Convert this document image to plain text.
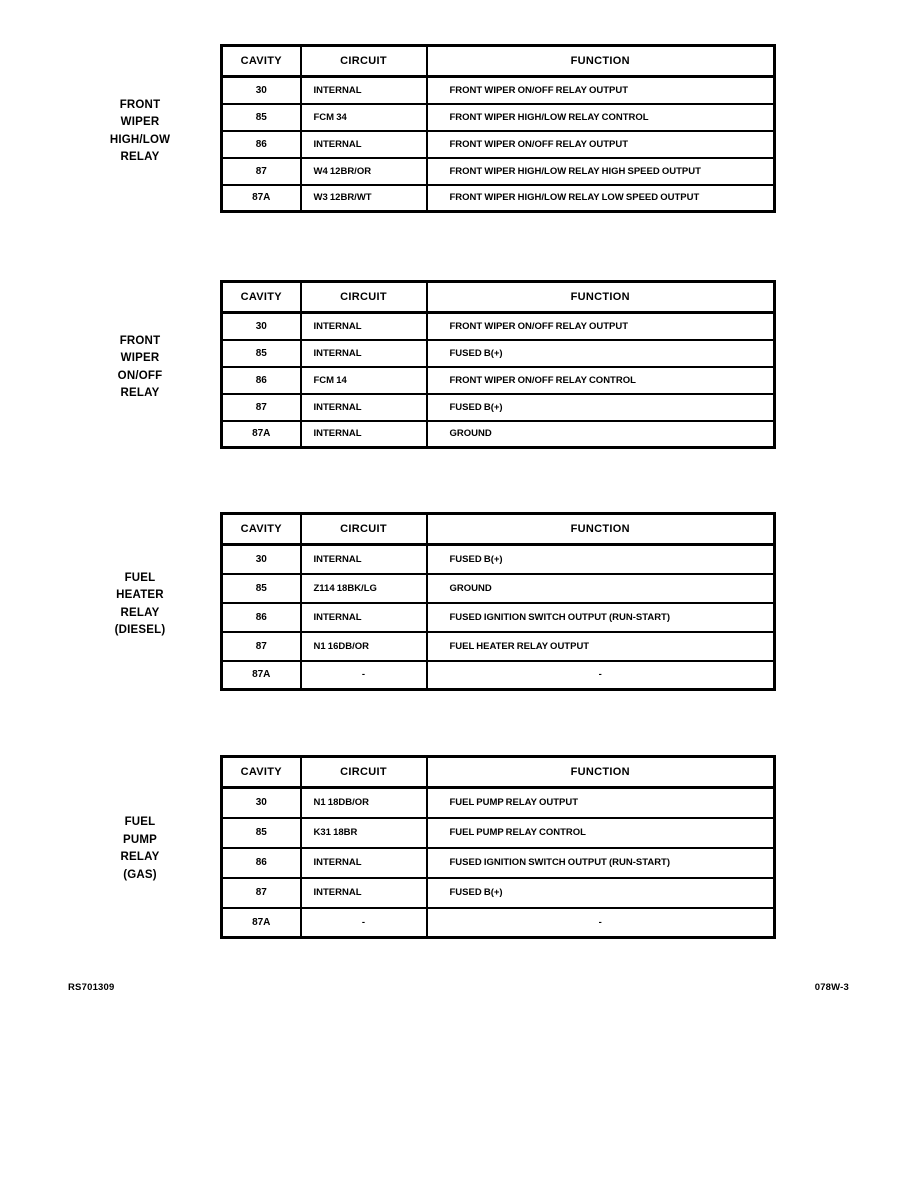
FRONT
WIPER
HIGH/LOW
RELAY
CAVITY	CIRCUIT	FUNCTION
30	INTERNAL	FRONT WIPER ON/OFF RELAY OUTPUT
85	FCM 34	FRONT WIPER HIGH/LOW RELAY CONTROL
86	INTERNAL	FRONT WIPER ON/OFF RELAY OUTPUT
87	W4 12BR/OR	FRONT WIPER HIGH/LOW RELAY HIGH SPEED OUTPUT
87A	W3 12BR/WT	FRONT WIPER HIGH/LOW RELAY LOW SPEED OUTPUT
FRONT
WIPER
ON/OFF
RELAY
CAVITY	CIRCUIT	FUNCTION
30	INTERNAL	FRONT WIPER ON/OFF RELAY OUTPUT
85	INTERNAL	FUSED B(+)
86	FCM 14	FRONT WIPER ON/OFF RELAY CONTROL
87	INTERNAL	FUSED B(+)
87A	INTERNAL	GROUND
FUEL
HEATER
RELAY
(DIESEL)
CAVITY	CIRCUIT	FUNCTION
30	INTERNAL	FUSED B(+)
85	Z114 18BK/LG	GROUND
86	INTERNAL	FUSED IGNITION SWITCH OUTPUT (RUN-START)
87	N1 16DB/OR	FUEL HEATER RELAY OUTPUT
87A	-	-
FUEL
PUMP
RELAY
(GAS)
CAVITY	CIRCUIT	FUNCTION
30	N1 18DB/OR	FUEL PUMP RELAY OUTPUT
85	K31 18BR	FUEL PUMP RELAY CONTROL
86	INTERNAL	FUSED IGNITION SWITCH OUTPUT (RUN-START)
87	INTERNAL	FUSED B(+)
87A	-	-
RS701309	078W-3
